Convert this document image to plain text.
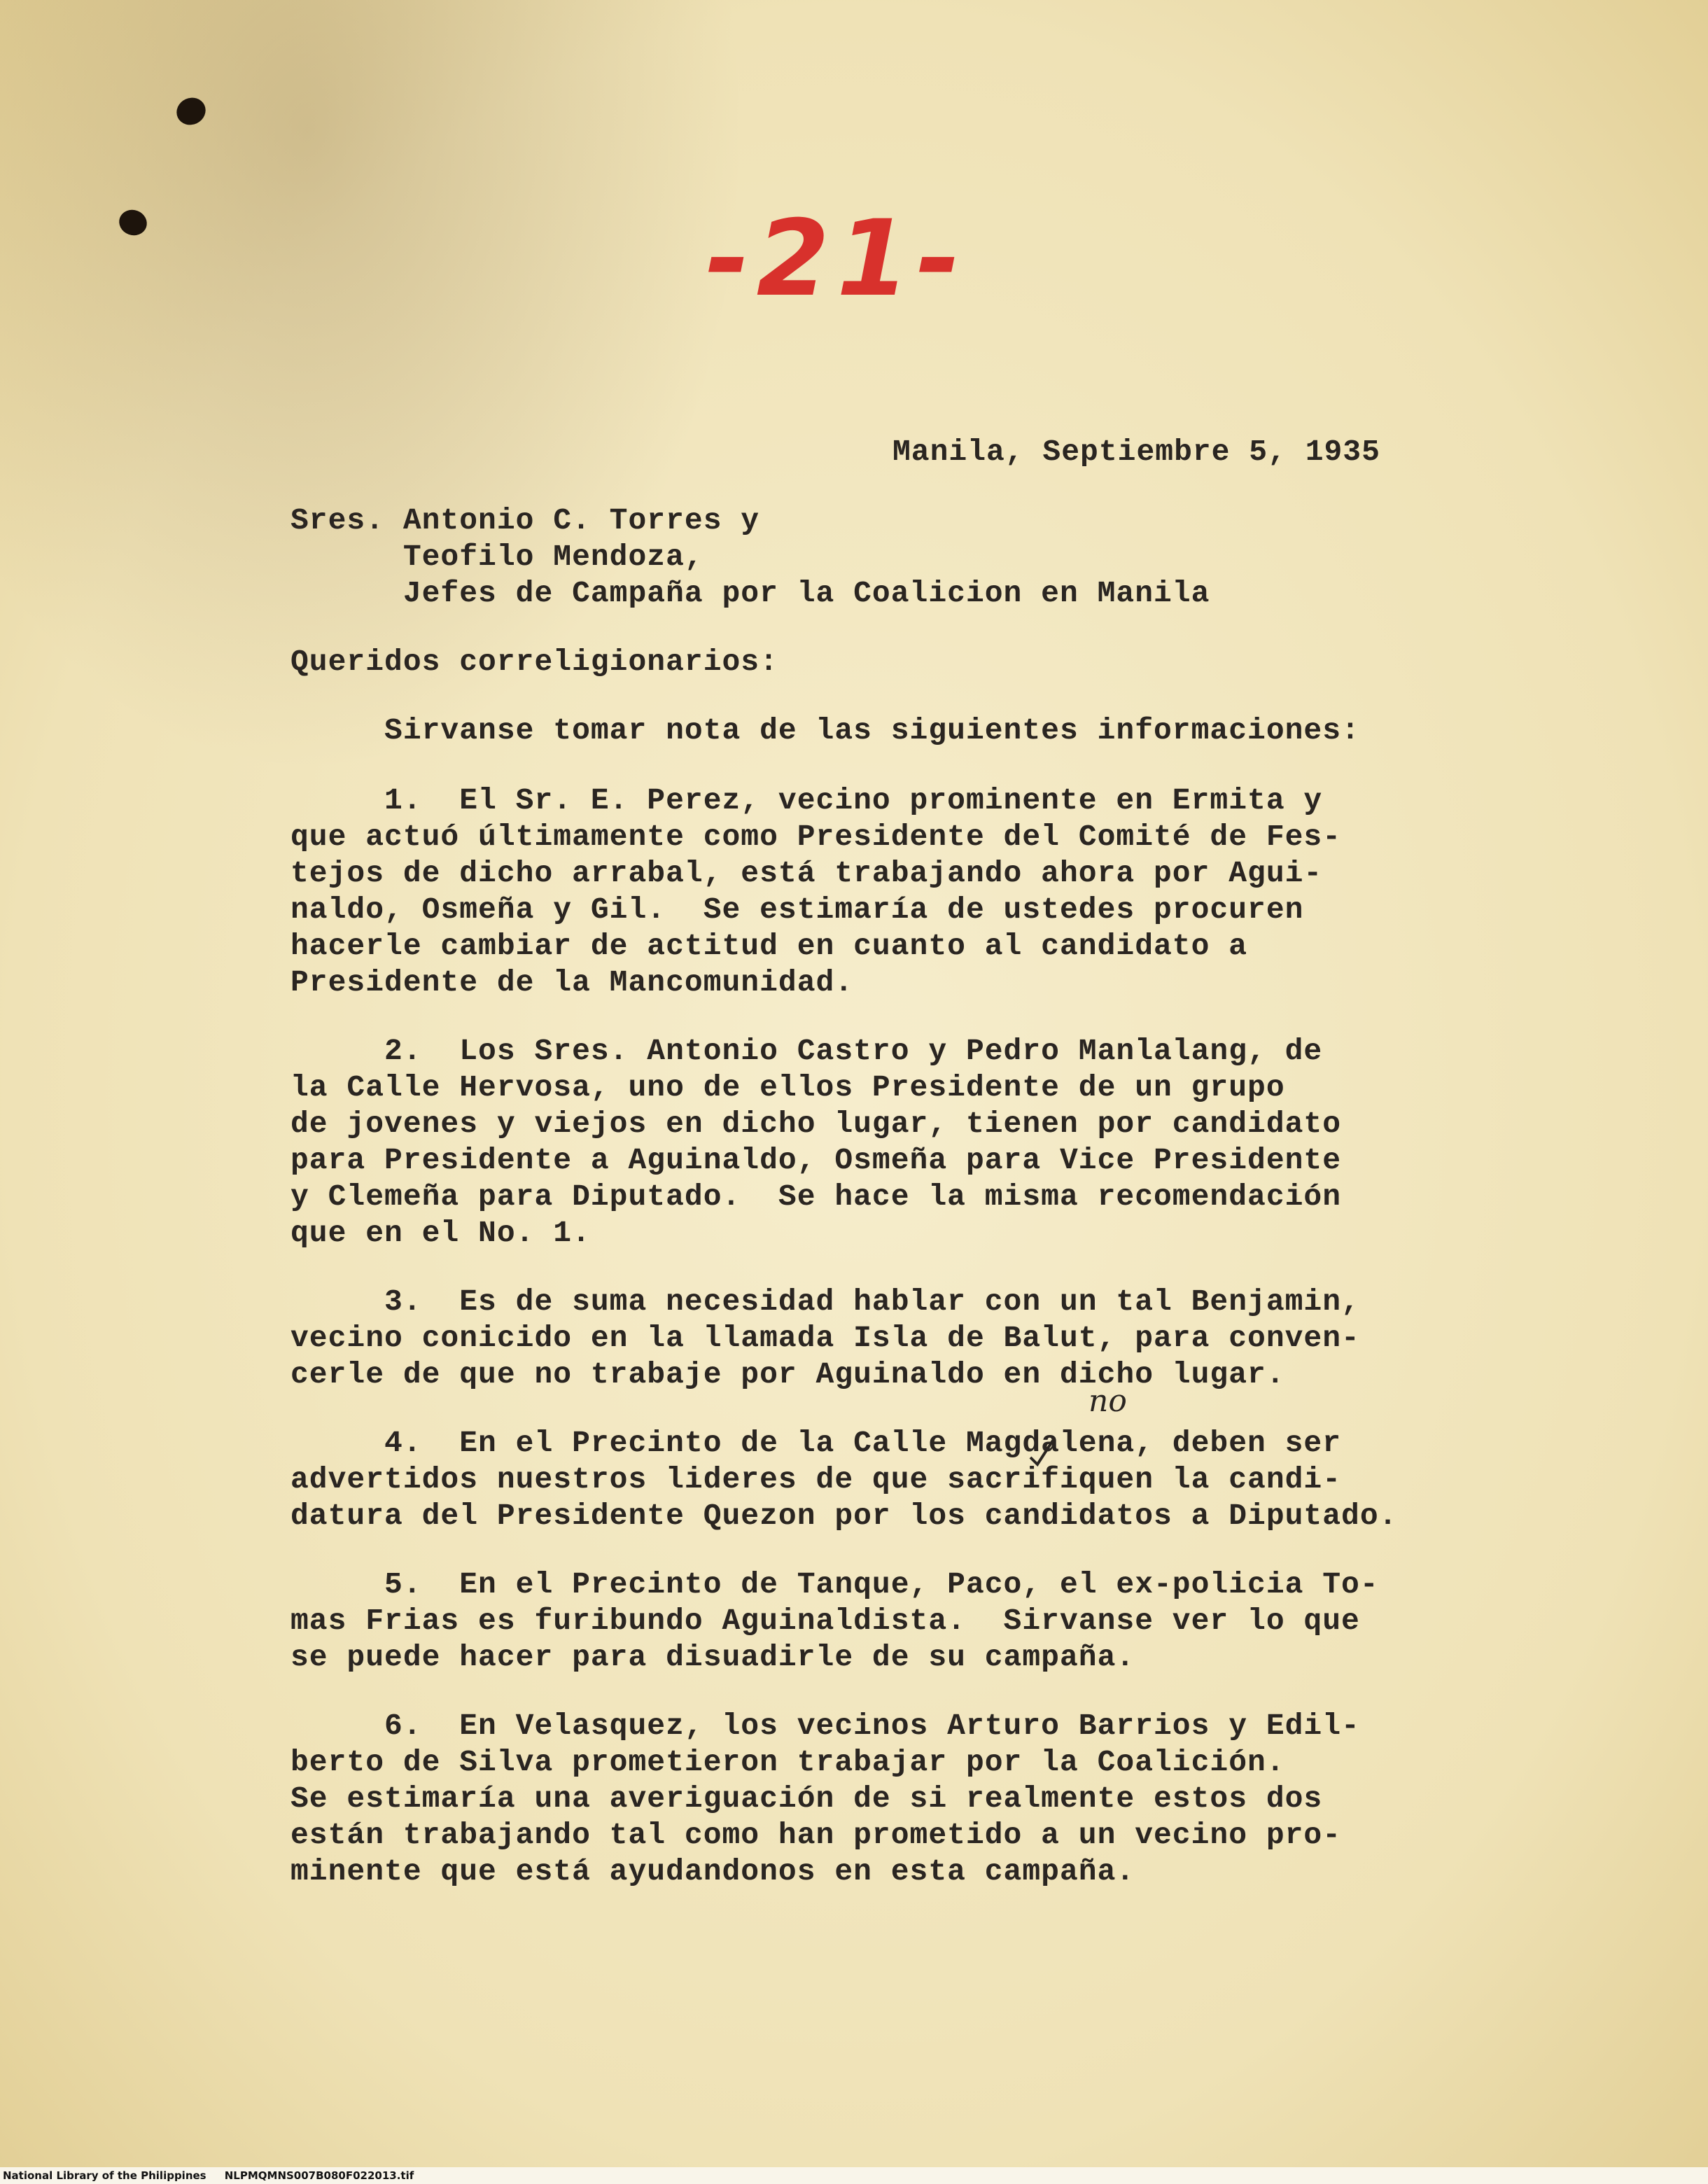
-21-

Manila, Septiembre 5, 1935

Sres. Antonio C. Torres y

Teofilo Mendoza,

Jefes de Campaña por la Coalicion en Manila

Queridos correligionarios:

Sirvanse tomar nota de las siguientes informaciones:

1.  El Sr. E. Perez, vecino prominente en Ermita y

que actuó últimamente como Presidente del Comité de Fes-

tejos de dicho arrabal, está trabajando ahora por Agui-

naldo, Osmeña y Gil.  Se estimaría de ustedes procuren

hacerle cambiar de actitud en cuanto al candidato a

Presidente de la Mancomunidad.

2.  Los Sres. Antonio Castro y Pedro Manlalang, de

la Calle Hervosa, uno de ellos Presidente de un grupo

de jovenes y viejos en dicho lugar, tienen por candidato

para Presidente a Aguinaldo, Osmeña para Vice Presidente

y Clemeña para Diputado.  Se hace la misma recomendación

que en el No. 1.

3.  Es de suma necesidad hablar con un tal Benjamin,

vecino conicido en la llamada Isla de Balut, para conven-

cerle de que no trabaje por Aguinaldo en dicho lugar.

no

4.  En el Precinto de la Calle Magdalena, deben ser

advertidos nuestros lideres de que sacrifiquen la candi-

datura del Presidente Quezon por los candidatos a Diputado.

5.  En el Precinto de Tanque, Paco, el ex-policia To-

mas Frias es furibundo Aguinaldista.  Sirvanse ver lo que

se puede hacer para disuadirle de su campaña.

6.  En Velasquez, los vecinos Arturo Barrios y Edil-

berto de Silva prometieron trabajar por la Coalición.

Se estimaría una averiguación de si realmente estos dos

están trabajando tal como han prometido a un vecino pro-

minente que está ayudandonos en esta campaña.

National Library of the Philippines NLPMQMNS007B080F022013.tif
